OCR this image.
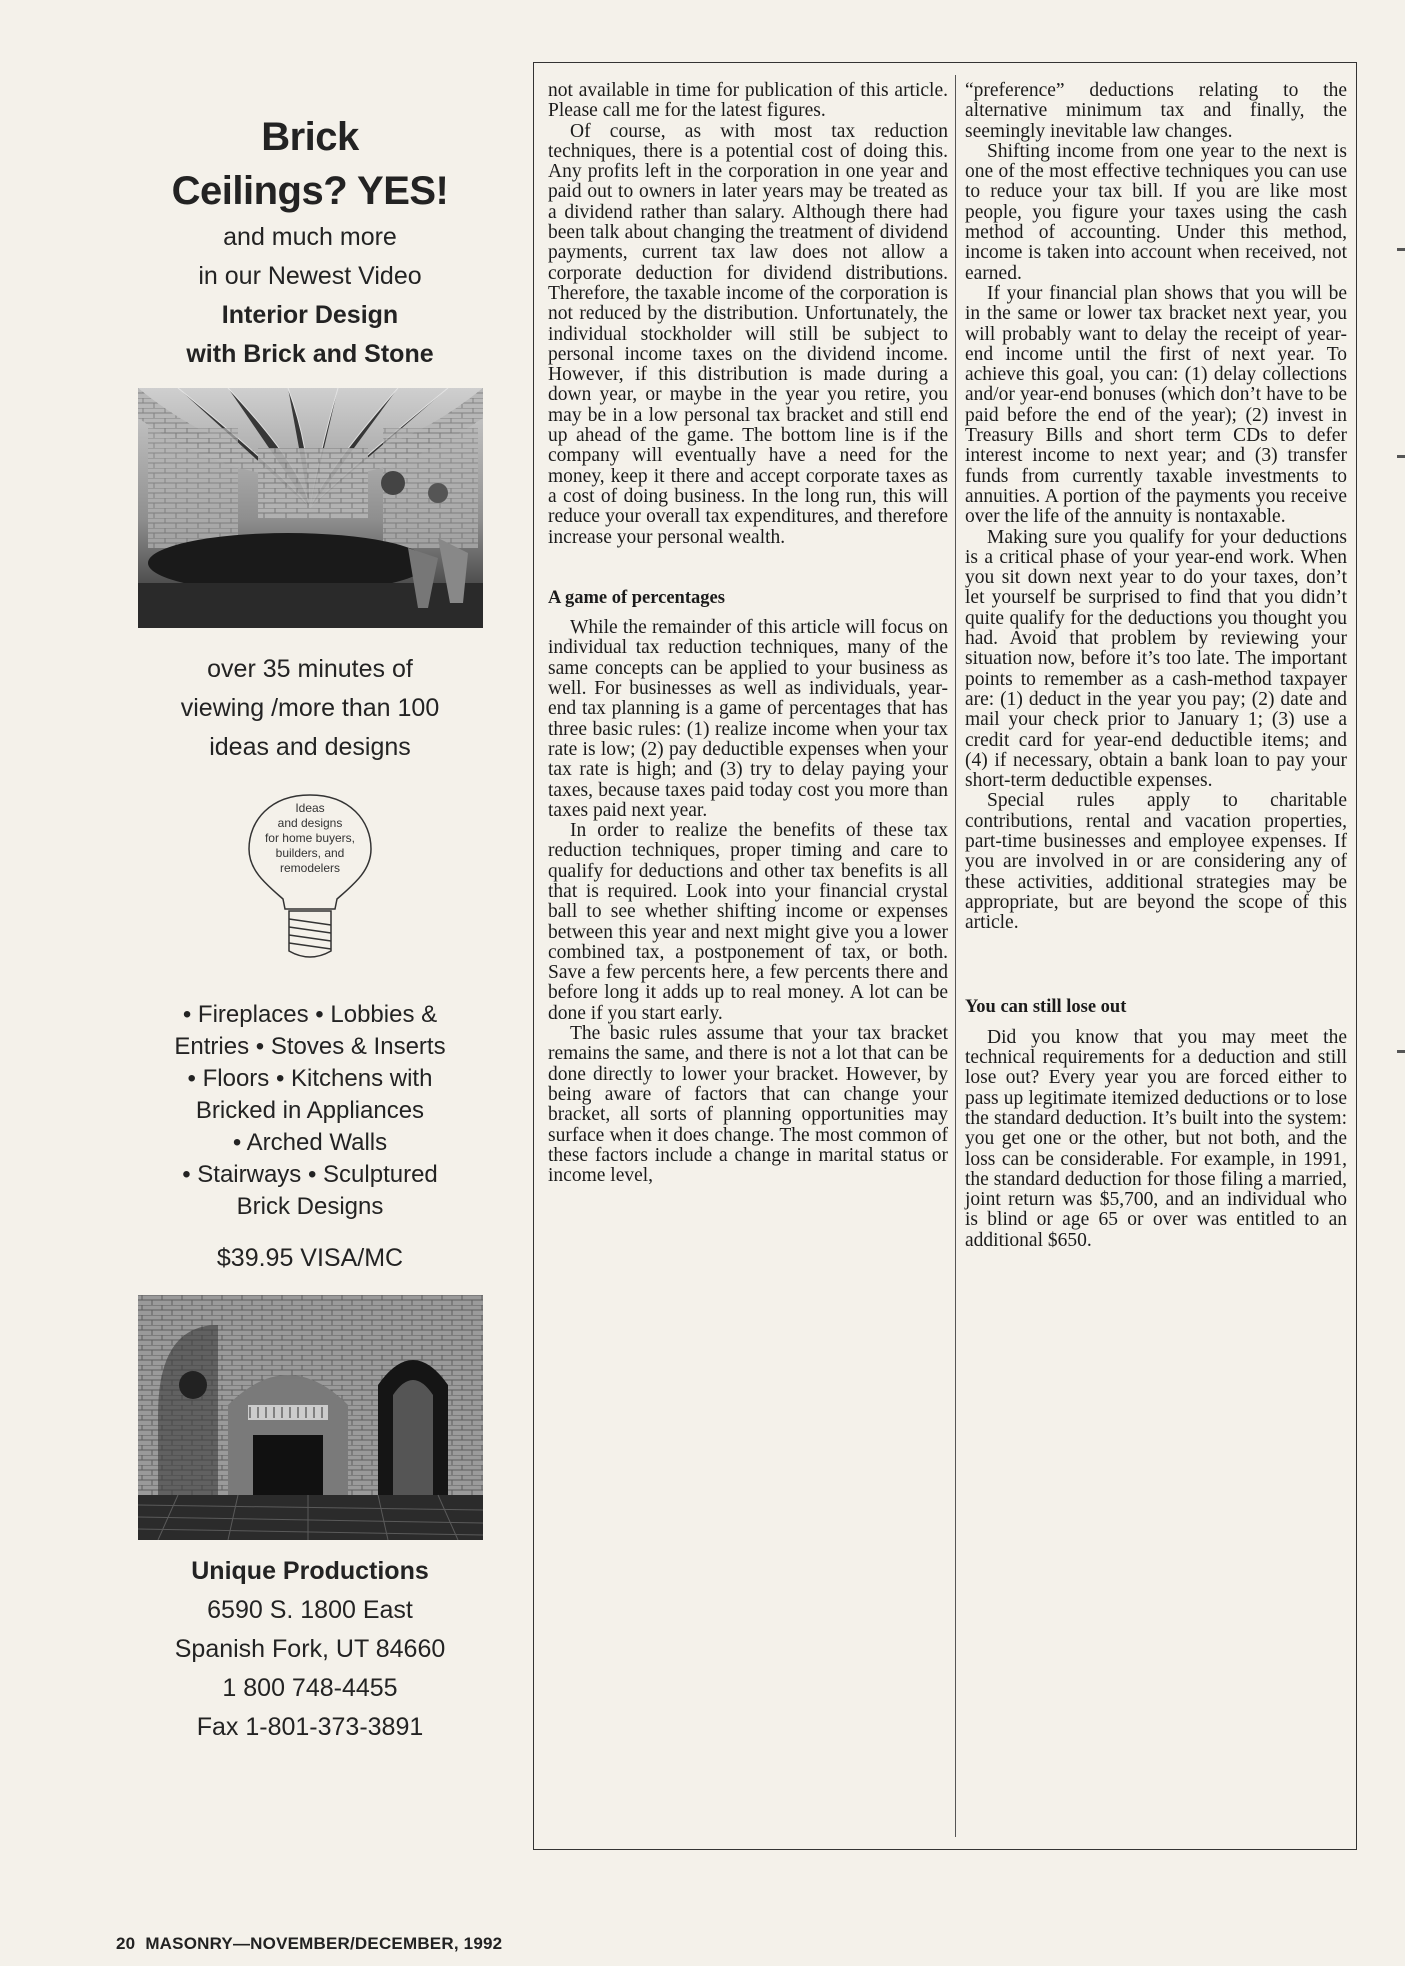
Brick
Ceilings? YES!
and much more
in our Newest Video
Interior Design
with Brick and Stone
over 35 minutes of
viewing /more than 100
ideas and designs
Ideas
and designs
for home buyers,
builders, and
remodelers
• Fireplaces • Lobbies &
Entries • Stoves & Inserts
• Floors • Kitchens with
Bricked in Appliances
• Arched Walls
• Stairways • Sculptured
Brick Designs
$39.95 VISA/MC
Unique Productions
6590 S. 1800 East
Spanish Fork, UT 84660
1 800 748-4455
Fax 1-801-373-3891

not available in time for publication of this article. Please call me for the latest figures.

Of course, as with most tax reduction techniques, there is a potential cost of doing this. Any profits left in the corporation in one year and paid out to owners in later years may be treated as a dividend rather than salary. Although there had been talk about changing the treatment of dividend payments, current tax law does not allow a corporate deduction for dividend distributions. Therefore, the taxable income of the corporation is not reduced by the distribution. Unfortunately, the individual stockholder will still be subject to personal income taxes on the dividend income. However, if this distribution is made during a down year, or maybe in the year you retire, you may be in a low personal tax bracket and still end up ahead of the game. The bottom line is if the company will eventually have a need for the money, keep it there and accept corporate taxes as a cost of doing business. In the long run, this will reduce your overall tax expenditures, and therefore increase your personal wealth.

A game of percentages

While the remainder of this article will focus on individual tax reduction techniques, many of the same concepts can be applied to your business as well. For businesses as well as individuals, year-end tax planning is a game of percentages that has three basic rules: (1) realize income when your tax rate is low; (2) pay deductible expenses when your tax rate is high; and (3) try to delay paying your taxes, because taxes paid today cost you more than taxes paid next year.

In order to realize the benefits of these tax reduction techniques, proper timing and care to qualify for deductions and other tax benefits is all that is required. Look into your financial crystal ball to see whether shifting income or expenses between this year and next might give you a lower combined tax, a postponement of tax, or both. Save a few percents here, a few percents there and before long it adds up to real money. A lot can be done if you start early.

The basic rules assume that your tax bracket remains the same, and there is not a lot that can be done directly to lower your bracket. However, by being aware of factors that can change your bracket, all sorts of planning opportunities may surface when it does change. The most common of these factors include a change in marital status or income level,

“preference” deductions relating to the alternative minimum tax and finally, the seemingly inevitable law changes.

Shifting income from one year to the next is one of the most effective techniques you can use to reduce your tax bill. If you are like most people, you figure your taxes using the cash method of accounting. Under this method, income is taken into account when received, not earned.

If your financial plan shows that you will be in the same or lower tax bracket next year, you will probably want to delay the receipt of year-end income until the first of next year. To achieve this goal, you can: (1) delay collections and/or year-end bonuses (which don’t have to be paid before the end of the year); (2) invest in Treasury Bills and short term CDs to defer interest income to next year; and (3) transfer funds from currently taxable investments to annuities. A portion of the payments you receive over the life of the annuity is nontaxable.

Making sure you qualify for your deductions is a critical phase of your year-end work. When you sit down next year to do your taxes, don’t let yourself be surprised to find that you didn’t quite qualify for the deductions you thought you had. Avoid that problem by reviewing your situation now, before it’s too late. The important points to remember as a cash-method taxpayer are: (1) deduct in the year you pay; (2) date and mail your check prior to January 1; (3) use a credit card for year-end deductible items; and (4) if necessary, obtain a bank loan to pay your short-term deductible expenses.

Special rules apply to charitable contributions, rental and vacation properties, part-time businesses and employee expenses. If you are involved in or are considering any of these activities, additional strategies may be appropriate, but are beyond the scope of this article.

You can still lose out

Did you know that you may meet the technical requirements for a deduction and still lose out? Every year you are forced either to pass up legitimate itemized deductions or to lose the standard deduction. It’s built into the system: you get one or the other, but not both, and the loss can be considerable. For example, in 1991, the standard deduction for those filing a married, joint return was $5,700, and an individual who is blind or age 65 or over was entitled to an additional $650.

20 MASONRY—NOVEMBER/DECEMBER, 1992
